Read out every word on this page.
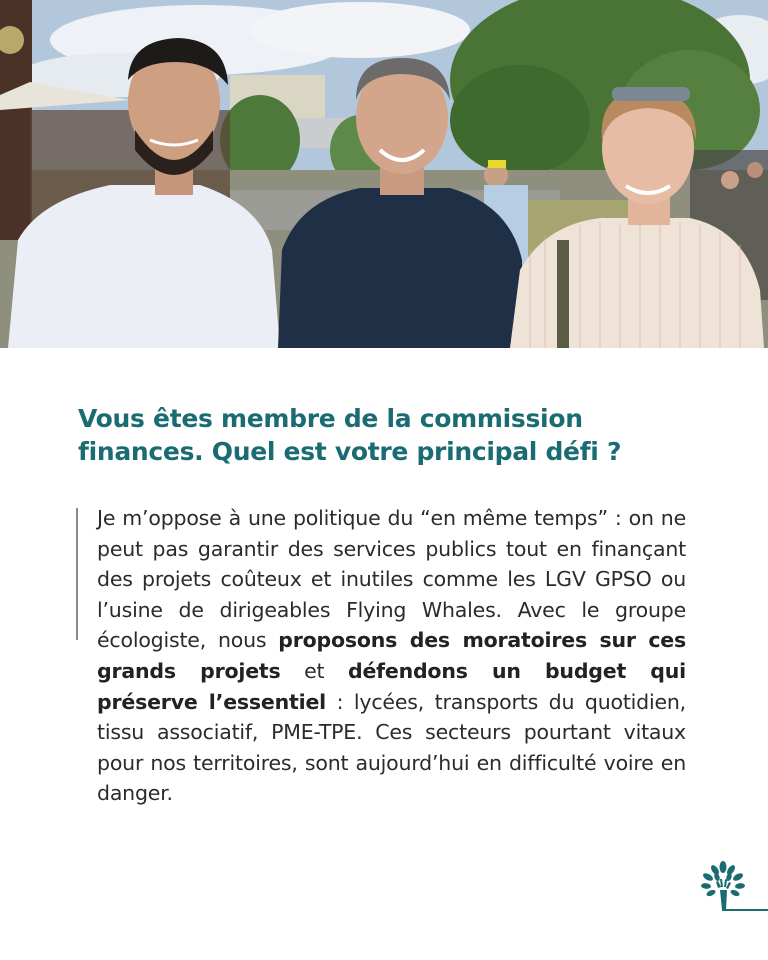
Vous êtes membre de la commission finances. Quel est votre principal défi ?

Je m’oppose à une politique du “en même temps” : on ne peut pas garantir des services publics tout en finançant des projets coûteux et inutiles comme les LGV GPSO ou l’usine de dirigeables Flying Whales. Avec le groupe écologiste, nous proposons des moratoires sur ces grands projets et défendons un budget qui préserve l’essentiel : lycées, transports du quotidien, tissu associatif, PME-TPE. Ces secteurs pourtant vitaux pour nos territoires, sont aujourd’hui en difficulté voire en danger.
